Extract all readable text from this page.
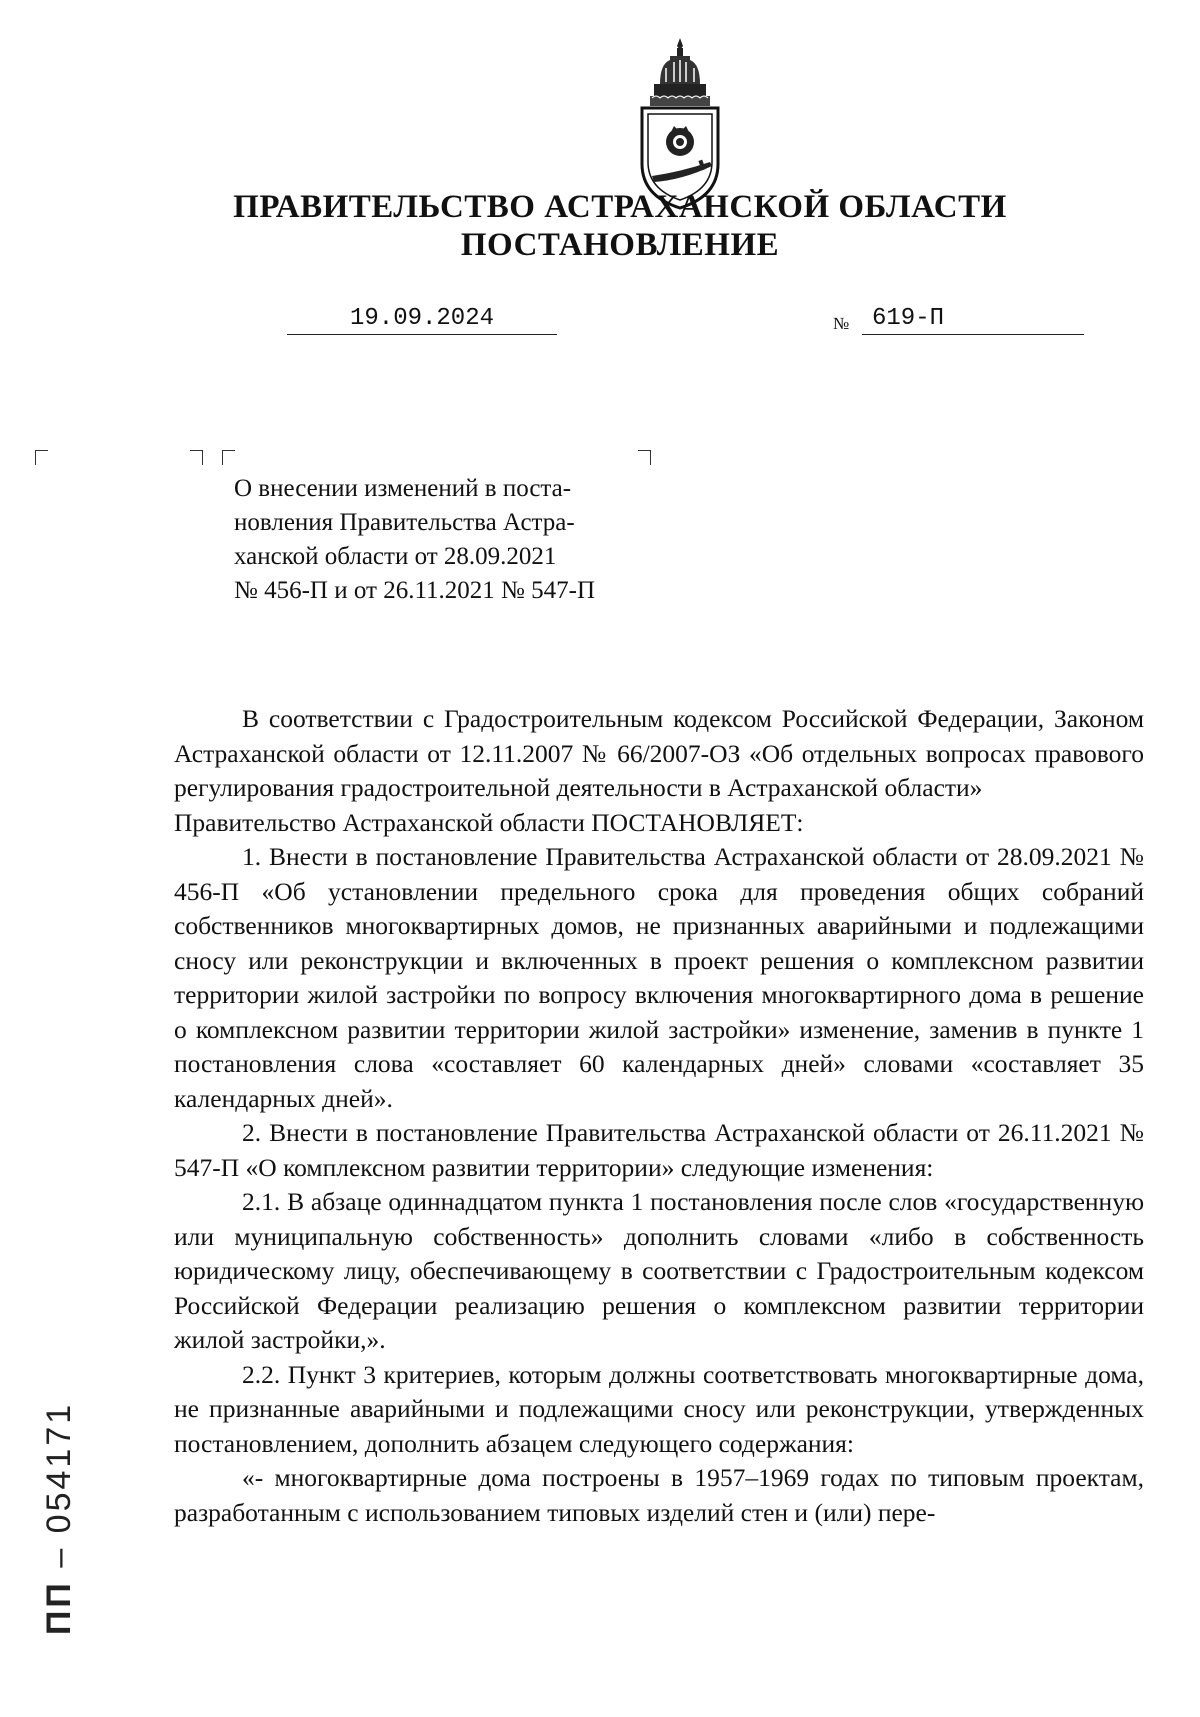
ПРАВИТЕЛЬСТВО АСТРАХАНСКОЙ ОБЛАСТИ
ПОСТАНОВЛЕНИЕ
19.09.2024	№ 619-П

О внесении изменений в поста-

новления Правительства Астра-

ханской области от 28.09.2021

№ 456-П и от 26.11.2021 № 547-П

В соответствии с Градостроительным кодексом Российской Федерации, Законом Астраханской области от 12.11.2007 № 66/2007-ОЗ «Об отдельных вопросах правового регулирования градостроительной деятельности в Астраханской области»

Правительство Астраханской области ПОСТАНОВЛЯЕТ:

1. Внести в постановление Правительства Астраханской области от 28.09.2021 № 456-П «Об установлении предельного срока для проведения общих собраний собственников многоквартирных домов, не признанных аварийными и подлежащими сносу или реконструкции и включенных в проект решения о комплексном развитии территории жилой застройки по вопросу включения многоквартирного дома в решение о комплексном развитии территории жилой застройки» изменение, заменив в пункте 1 постановления слова «составляет 60 календарных дней» словами «составляет 35 календарных дней».

2. Внести в постановление Правительства Астраханской области от 26.11.2021 № 547-П «О комплексном развитии территории» следующие изменения:

2.1. В абзаце одиннадцатом пункта 1 постановления после слов «государственную или муниципальную собственность» дополнить словами «либо в собственность юридическому лицу, обеспечивающему в соответствии с Градостроительным кодексом Российской Федерации реализацию решения о комплексном развитии территории жилой застройки,».

2.2. Пункт 3 критериев, которым должны соответствовать многоквартирные дома, не признанные аварийными и подлежащими сносу или реконструкции, утвержденных постановлением, дополнить абзацем следующего содержания:

«- многоквартирные дома построены в 1957–1969 годах по типовым проектам, разработанным с использованием типовых изделий стен и (или) пере-

ПП – 054171
